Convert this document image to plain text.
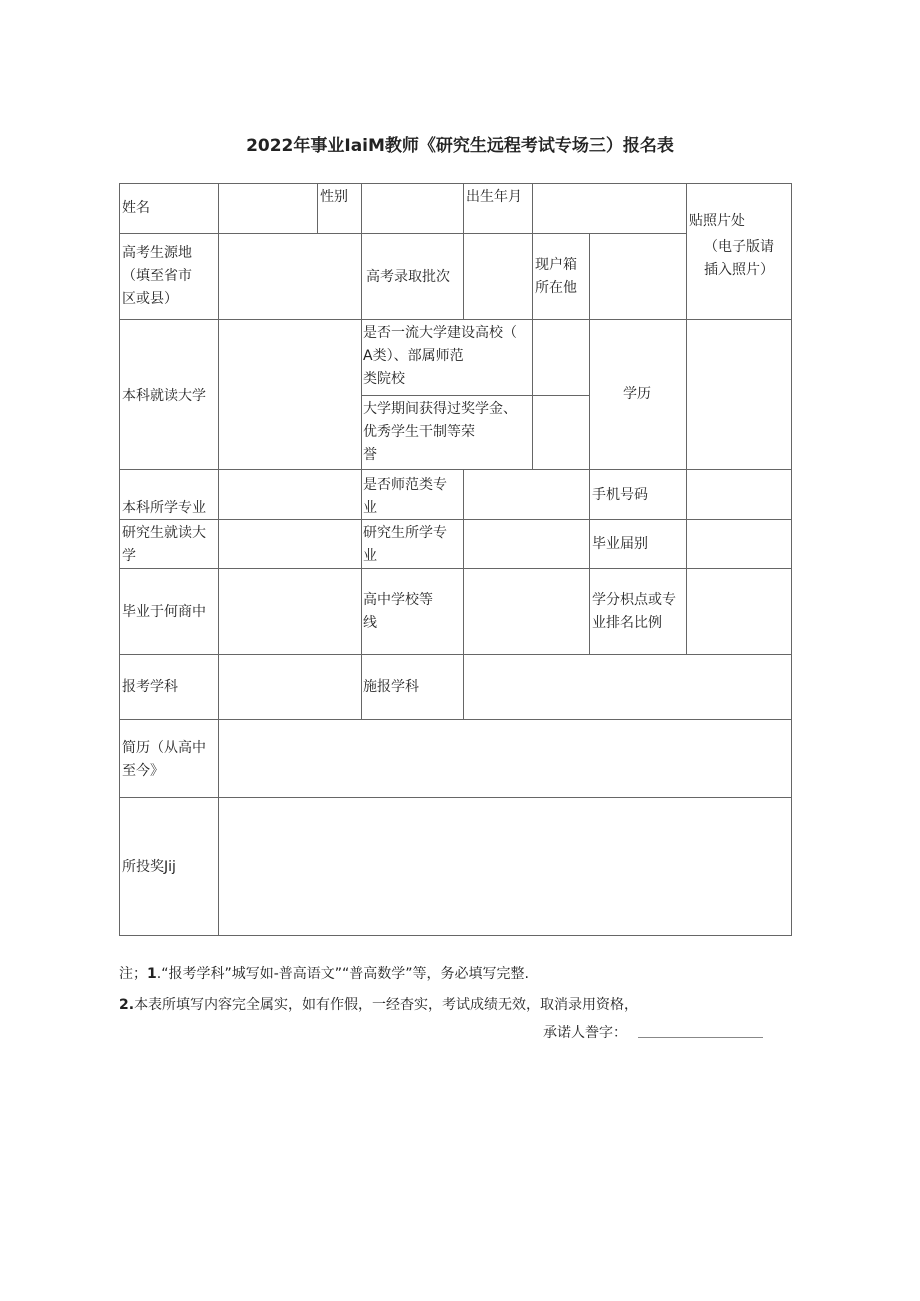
2022年事业IaiM教师《研究生远程考试专场三）报名表
姓名
性别	出生年月
贴照片处
（电子版请
插入照片）
高考生源地
（填至省市
区或县）
高考录取批次
现户箱
所在他
本科就读大学
是否一流大学建设高校（
A类）、部属师范
类院校
大学期间获得过奖学金、
优秀学生干制等荣
誉
学历
本科所学专业
是否师范类专
业
手机号码
研究生就读大
学
研究生所学专
业
毕业届别
毕业于何商中
高中学校等
线
学分枳点或专
业排名比例
报考学科	施报学科
简历（从高中
至今》
所投奖Jij
注；1.“报考学科”城写如-普高语文”“普高数学”等，务必填写完整.
2.本表所填写内容完全属实，如有作假，一经杳实，考试成绩无效，取消录用资格，
承诺人誊字：
